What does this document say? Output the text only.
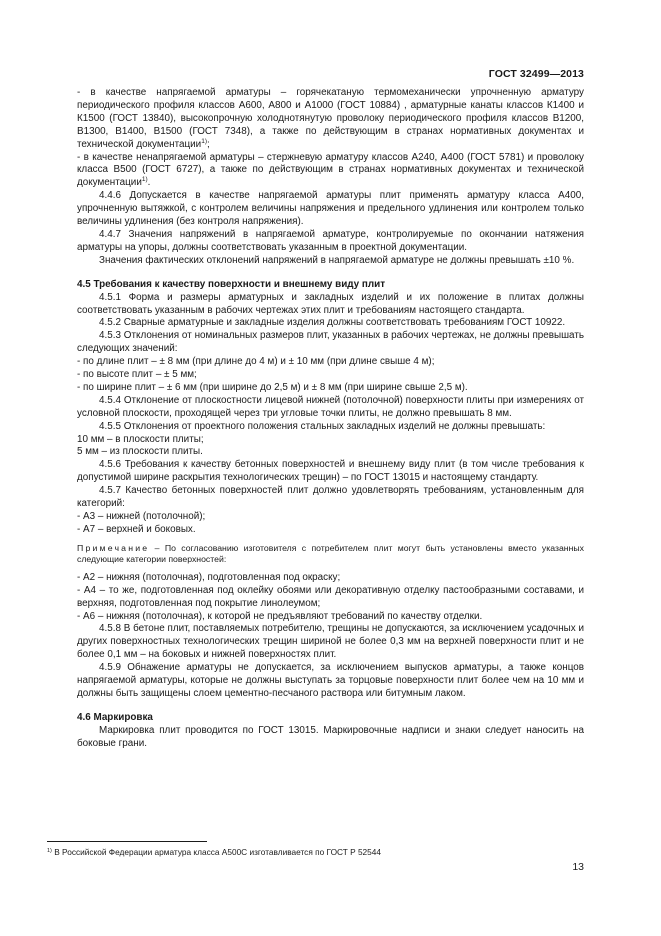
ГОСТ 32499—2013

- в качестве напрягаемой арматуры – горячекатаную термомеханически упрочненную арматуру периодического профиля классов А600, А800 и А1000 (ГОСТ 10884) , арматурные канаты классов К1400 и К1500 (ГОСТ 13840), высокопрочную холоднотянутую проволоку периодического профиля классов В1200, В1300, В1400, В1500 (ГОСТ 7348), а также по действующим в странах нормативных документах и технической документации$^{1)}$;

- в качестве ненапрягаемой арматуры – стержневую арматуру классов А240, А400 (ГОСТ 5781) и проволоку класса В500 (ГОСТ 6727), а также по действующим в странах нормативных документах и технической документации$^{1)}$.

4.4.6 Допускается в качестве напрягаемой арматуры плит применять арматуру класса А400, упрочненную вытяжкой, с контролем величины напряжения и предельного удлинения или контролем только величины удлинения (без контроля напряжения).

4.4.7 Значения напряжений в напрягаемой арматуре, контролируемые по окончании натяжения арматуры на упоры, должны соответствовать указанным в проектной документации.

Значения фактических отклонений напряжений в напрягаемой арматуре не должны превышать ±10 %.

4.5 Требования к качеству поверхности и внешнему виду плит

4.5.1 Форма и размеры арматурных и закладных изделий и их положение в плитах должны соответствовать указанным в рабочих чертежах этих плит и требованиям настоящего стандарта.

4.5.2 Сварные арматурные и закладные изделия должны соответствовать требованиям ГОСТ 10922.

4.5.3 Отклонения от номинальных размеров плит, указанных в рабочих чертежах, не должны превышать следующих значений:

- по длине плит – ± 8 мм (при длине до 4 м) и ± 10 мм (при длине свыше 4 м);

- по высоте плит – ± 5 мм;

- по ширине плит – ± 6 мм (при ширине до 2,5 м) и ± 8 мм (при ширине свыше 2,5 м).

4.5.4 Отклонение от плоскостности лицевой нижней (потолочной) поверхности плиты при измерениях от условной плоскости, проходящей через три угловые точки плиты, не должно превышать 8 мм.

4.5.5 Отклонения от проектного положения стальных закладных изделий не должны превышать:

10 мм – в плоскости плиты;

5 мм – из плоскости плиты.

4.5.6 Требования к качеству бетонных поверхностей и внешнему виду плит (в том числе требования к допустимой ширине раскрытия технологических трещин) – по ГОСТ 13015 и настоящему стандарту.

4.5.7 Качество бетонных поверхностей плит должно удовлетворять требованиям, установленным для категорий:

- А3 – нижней (потолочной);

- А7 – верхней и боковых.

Примечание – По согласованию изготовителя с потребителем плит могут быть установлены вместо указанных следующие категории поверхностей:

- А2 – нижняя (потолочная), подготовленная под окраску;

- А4 – то же, подготовленная под оклейку обоями или декоративную отделку пастообразными составами, и верхняя, подготовленная под покрытие линолеумом;

- А6 – нижняя (потолочная), к которой не предъявляют требований по качеству отделки.

4.5.8 В бетоне плит, поставляемых потребителю, трещины не допускаются, за исключением усадочных и других поверхностных технологических трещин шириной не более 0,3 мм на верхней поверхности плит и не более 0,1 мм – на боковых и нижней поверхностях плит.

4.5.9 Обнажение арматуры не допускается, за исключением выпусков арматуры, а также концов напрягаемой арматуры, которые не должны выступать за торцовые поверхности плит более чем на 10 мм и должны быть защищены слоем цементно-песчаного раствора или битумным лаком.

4.6 Маркировка

Маркировка плит проводится по ГОСТ 13015. Маркировочные надписи и знаки следует наносить на боковые грани.

$^{1)}$ В Российской Федерации арматура класса А500С изготавливается по ГОСТ Р 52544
13
